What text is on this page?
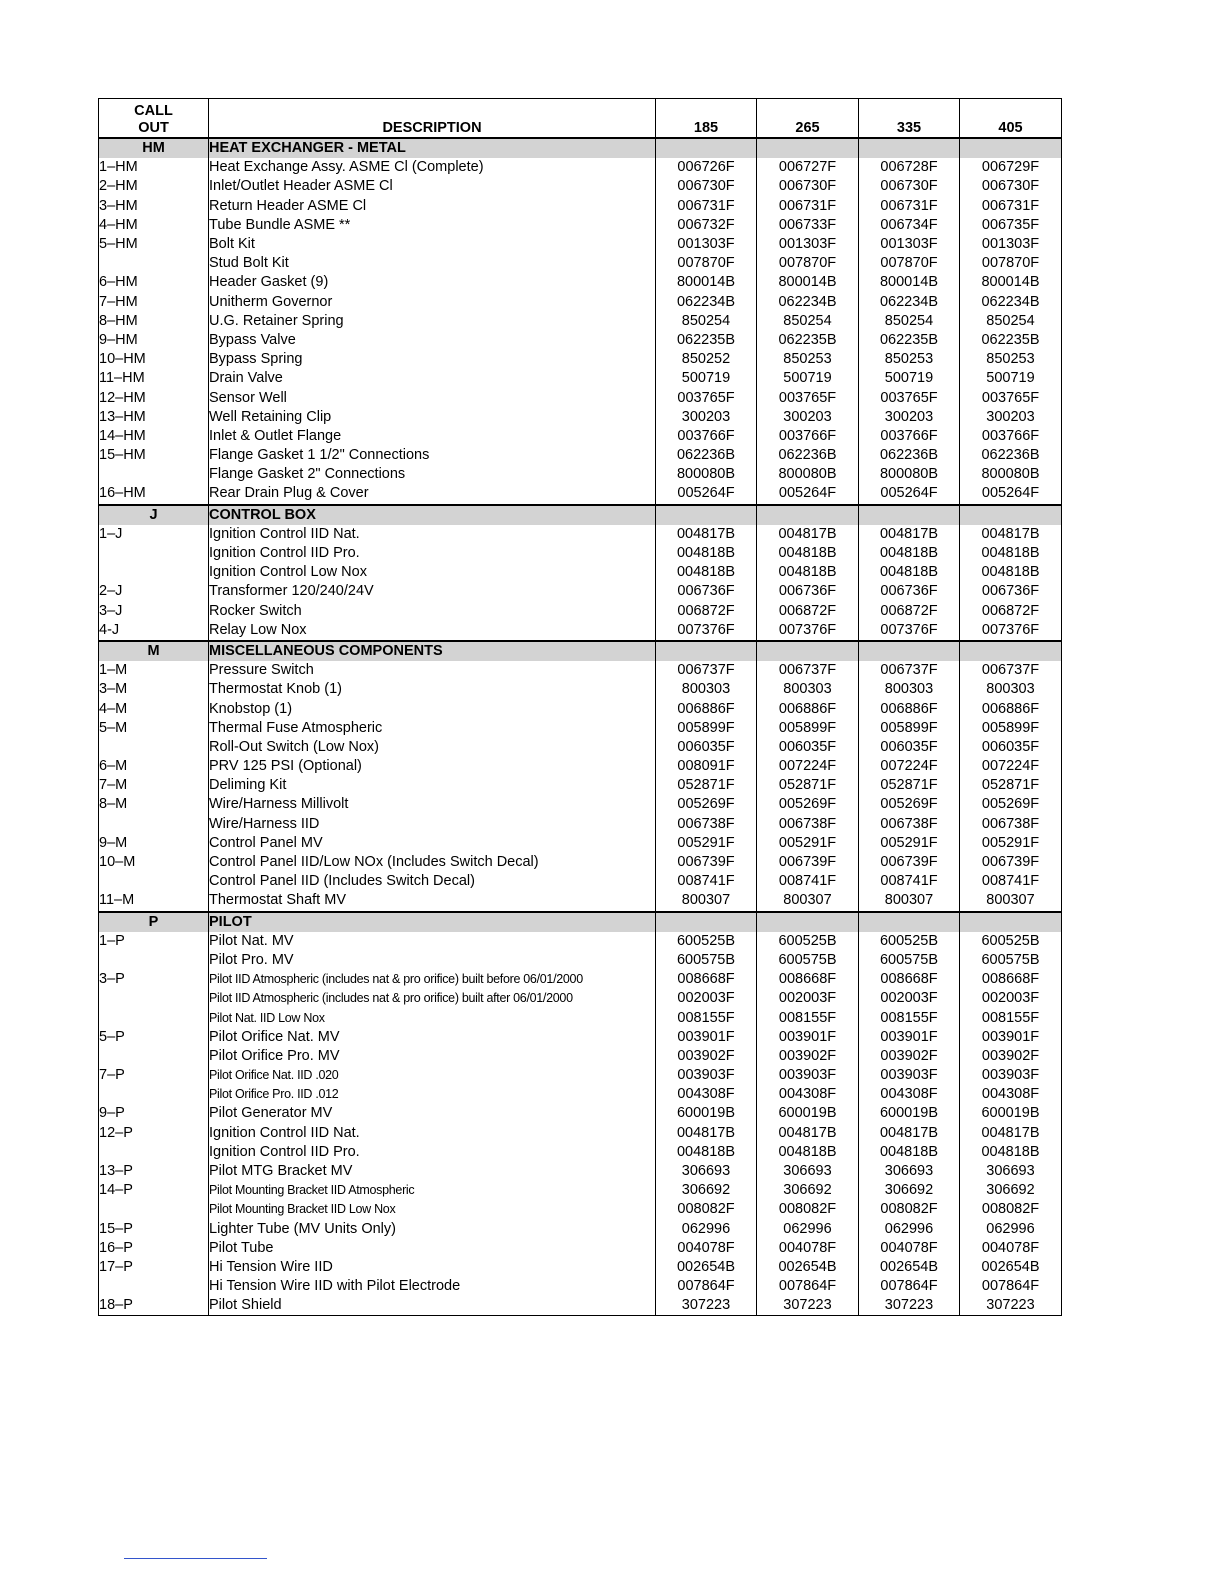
CALL
OUT	DESCRIPTION	185	265	335	405
HM	HEAT EXCHANGER - METAL				
1–HM	Heat Exchange Assy. ASME Cl (Complete)	006726F	006727F	006728F	006729F
2–HM	Inlet/Outlet Header ASME Cl	006730F	006730F	006730F	006730F
3–HM	Return Header ASME Cl	006731F	006731F	006731F	006731F
4–HM	Tube Bundle ASME **	006732F	006733F	006734F	006735F
5–HM	Bolt Kit	001303F	001303F	001303F	001303F
	Stud Bolt Kit	007870F	007870F	007870F	007870F
6–HM	Header Gasket (9)	800014B	800014B	800014B	800014B
7–HM	Unitherm Governor	062234B	062234B	062234B	062234B
8–HM	U.G. Retainer Spring	850254	850254	850254	850254
9–HM	Bypass Valve	062235B	062235B	062235B	062235B
10–HM	Bypass Spring	850252	850253	850253	850253
11–HM	Drain Valve	500719	500719	500719	500719
12–HM	Sensor Well	003765F	003765F	003765F	003765F
13–HM	Well Retaining Clip	300203	300203	300203	300203
14–HM	Inlet & Outlet Flange	003766F	003766F	003766F	003766F
15–HM	Flange Gasket 1 1/2" Connections	062236B	062236B	062236B	062236B
	Flange Gasket 2" Connections	800080B	800080B	800080B	800080B
16–HM	Rear Drain Plug & Cover	005264F	005264F	005264F	005264F
J	CONTROL BOX				
1–J	Ignition Control IID Nat.	004817B	004817B	004817B	004817B
	Ignition Control IID Pro.	004818B	004818B	004818B	004818B
	Ignition Control Low Nox	004818B	004818B	004818B	004818B
2–J	Transformer 120/240/24V	006736F	006736F	006736F	006736F
3–J	Rocker Switch	006872F	006872F	006872F	006872F
4-J	Relay Low Nox	007376F	007376F	007376F	007376F
M	MISCELLANEOUS COMPONENTS				
1–M	Pressure Switch	006737F	006737F	006737F	006737F
3–M	Thermostat Knob (1)	800303	800303	800303	800303
4–M	Knobstop (1)	006886F	006886F	006886F	006886F
5–M	Thermal Fuse Atmospheric	005899F	005899F	005899F	005899F
	Roll-Out Switch (Low Nox)	006035F	006035F	006035F	006035F
6–M	PRV 125 PSI (Optional)	008091F	007224F	007224F	007224F
7–M	Deliming Kit	052871F	052871F	052871F	052871F
8–M	Wire/Harness Millivolt	005269F	005269F	005269F	005269F
	Wire/Harness IID	006738F	006738F	006738F	006738F
9–M	Control Panel MV	005291F	005291F	005291F	005291F
10–M	Control Panel IID/Low NOx (Includes Switch Decal)	006739F	006739F	006739F	006739F
	Control Panel IID (Includes Switch Decal)	008741F	008741F	008741F	008741F
11–M	Thermostat Shaft MV	800307	800307	800307	800307
P	PILOT				
1–P	Pilot Nat. MV	600525B	600525B	600525B	600525B
	Pilot Pro. MV	600575B	600575B	600575B	600575B
3–P	Pilot IID Atmospheric (includes nat & pro orifice) built before 06/01/2000	008668F	008668F	008668F	008668F
	Pilot IID Atmospheric (includes nat & pro orifice) built after 06/01/2000	002003F	002003F	002003F	002003F
	Pilot Nat. IID Low Nox	008155F	008155F	008155F	008155F
5–P	Pilot Orifice Nat. MV	003901F	003901F	003901F	003901F
	Pilot Orifice Pro. MV	003902F	003902F	003902F	003902F
7–P	Pilot Orifice Nat. IID .020	003903F	003903F	003903F	003903F
	Pilot Orifice Pro. IID .012	004308F	004308F	004308F	004308F
9–P	Pilot Generator MV	600019B	600019B	600019B	600019B
12–P	Ignition Control IID Nat.	004817B	004817B	004817B	004817B
	Ignition Control IID Pro.	004818B	004818B	004818B	004818B
13–P	Pilot MTG Bracket MV	306693	306693	306693	306693
14–P	Pilot Mounting Bracket IID Atmospheric	306692	306692	306692	306692
	Pilot Mounting Bracket IID Low Nox	008082F	008082F	008082F	008082F
15–P	Lighter Tube (MV Units Only)	062996	062996	062996	062996
16–P	Pilot Tube	004078F	004078F	004078F	004078F
17–P	Hi Tension Wire IID	002654B	002654B	002654B	002654B
	Hi Tension Wire IID with Pilot Electrode	007864F	007864F	007864F	007864F
18–P	Pilot Shield	307223	307223	307223	307223
